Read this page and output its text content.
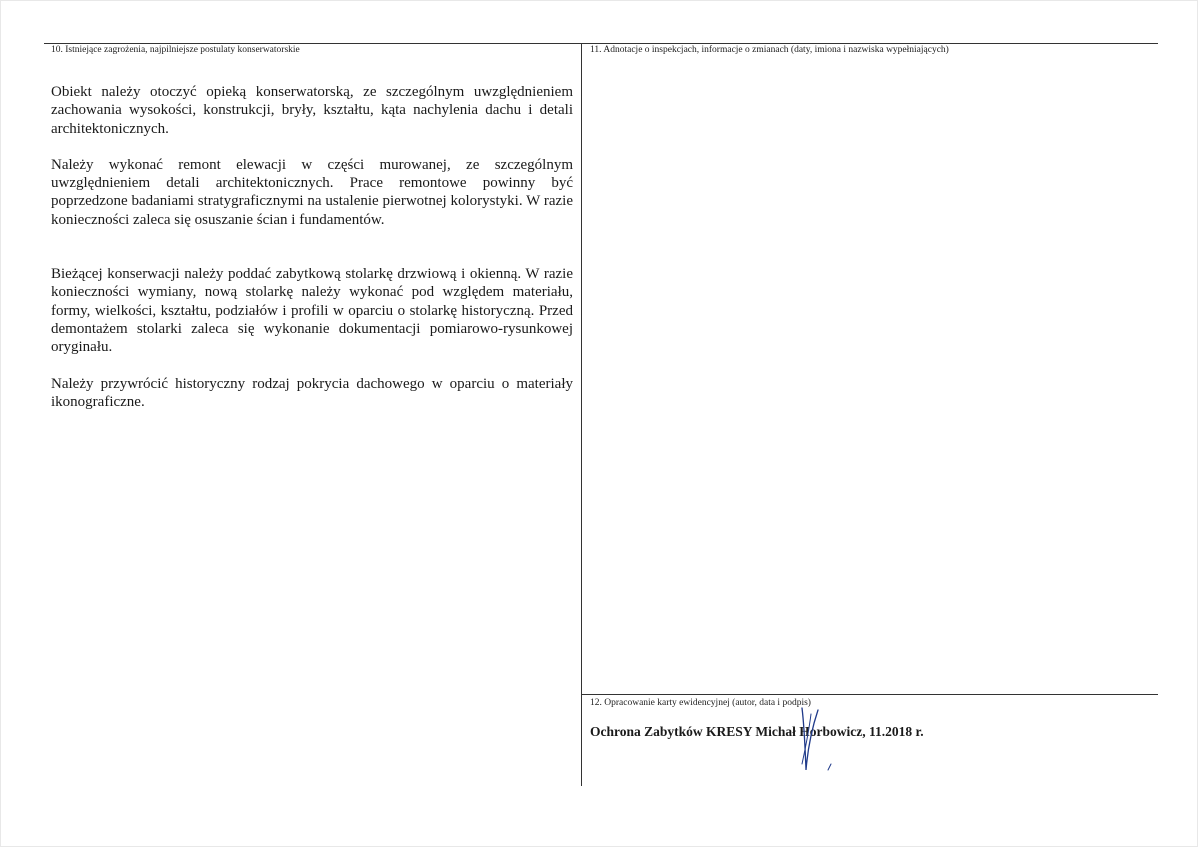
10. Istniejące zagrożenia, najpilniejsze postulaty konserwatorskie

Obiekt należy otoczyć opieką konserwatorską, ze szczególnym uwzględnieniem zachowania wysokości, konstrukcji, bryły, kształtu, kąta nachylenia dachu i detali architektonicznych.

Należy wykonać remont elewacji w części murowanej, ze szczególnym uwzględnieniem detali architektonicznych. Prace remontowe powinny być poprzedzone badaniami stratygraficznymi na ustalenie pierwotnej kolorystyki. W razie konieczności zaleca się osuszanie ścian i fundamentów.

Bieżącej konserwacji należy poddać zabytkową stolarkę drzwiową i okienną. W razie konieczności wymiany, nową stolarkę należy wykonać pod względem materiału, formy, wielkości, kształtu, podziałów i profili w oparciu o stolarkę historyczną. Przed demontażem stolarki zaleca się wykonanie dokumentacji pomiarowo-rysunkowej oryginału.

Należy przywrócić historyczny rodzaj pokrycia dachowego w oparciu o materiały ikonograficzne.

11. Adnotacje o inspekcjach, informacje o zmianach (daty, imiona i nazwiska wypełniających)
12. Opracowanie karty ewidencyjnej (autor, data i podpis)
Ochrona Zabytków KRESY Michał Horbowicz, 11.2018 r.
